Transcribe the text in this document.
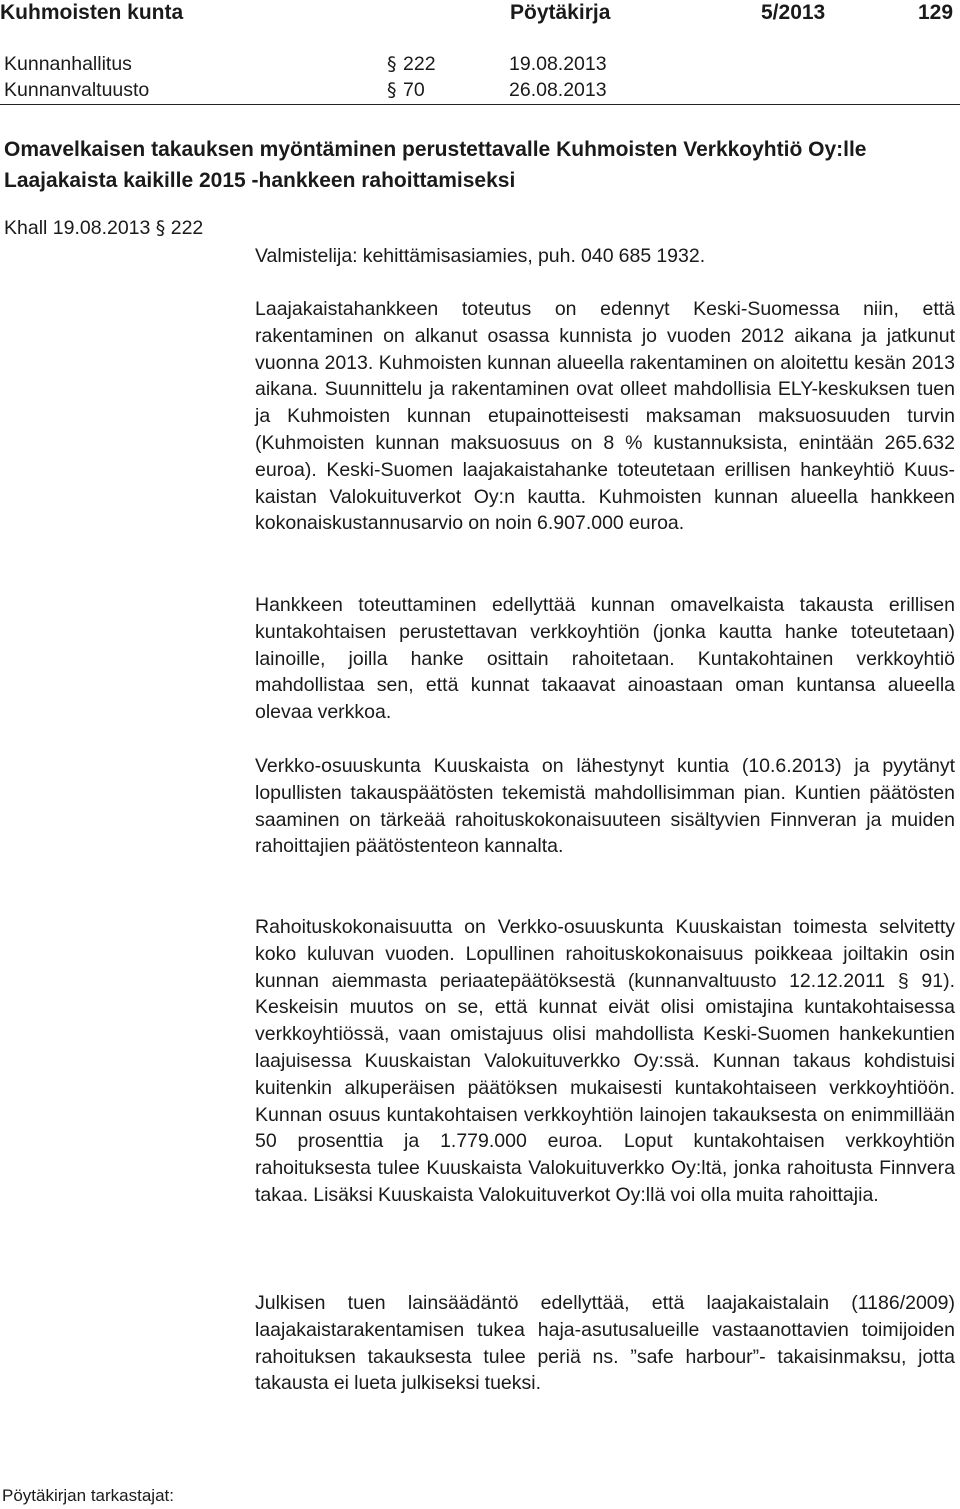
Kuhmoisten kunta	Pöytäkirja	5/2013	129
Kunnanhallitus	§ 222	19.08.2013
Kunnanvaltuusto	§ 70	26.08.2013
Omavelkaisen takauksen myöntäminen perustettavalle Kuhmoisten Verkkoyhtiö Oy:lle Laajakaista kaikille 2015 -hankkeen rahoittamiseksi
Khall 19.08.2013 § 222
Valmistelija: kehittämisasiamies, puh. 040 685 1932.
Laajakaistahankkeen toteutus on edennyt Keski-Suomessa niin, että rakentaminen on alkanut osassa kunnista jo vuoden 2012 aikana ja jatkunut vuonna 2013. Kuhmoisten kunnan alueella rakentaminen on aloitettu kesän 2013 aikana. Suunnittelu ja rakentaminen ovat olleet mahdollisia ELY-keskuksen tuen ja Kuhmoisten kunnan etupainotteisesti maksaman maksuosuuden turvin (Kuhmoisten kunnan maksuosuus on 8 % kustannuksista, enintään 265.632 euroa). Keski-Suomen laajakaistahanke toteutetaan erillisen hankeyhtiö Kuuskaistan Valokuituverkot Oy:n kautta. Kuhmoisten kunnan alueella hankkeen kokonaiskustannusarvio on noin 6.907.000 euroa.
Hankkeen toteuttaminen edellyttää kunnan omavelkaista takausta erillisen kuntakohtaisen perustettavan verkkoyhtiön (jonka kautta hanke toteutetaan) lainoille, joilla hanke osittain rahoitetaan. Kuntakohtainen verkkoyhtiö mahdollistaa sen, että kunnat takaavat ainoastaan oman kuntansa alueella olevaa verkkoa.
Verkko-osuuskunta Kuuskaista on lähestynyt kuntia (10.6.2013) ja pyytänyt lopullisten takauspäätösten tekemistä mahdollisimman pian. Kuntien päätösten saaminen on tärkeää rahoituskokonaisuuteen sisältyvien Finnveran ja muiden rahoittajien päätöstenteon kannalta.
Rahoituskokonaisuutta on Verkko-osuuskunta Kuuskaistan toimesta selvitetty koko kuluvan vuoden. Lopullinen rahoituskokonaisuus poikkeaa joiltakin osin kunnan aiemmasta periaatepäätöksestä (kunnanvaltuusto 12.12.2011 § 91). Keskeisin muutos on se, että kunnat eivät olisi omistajina kuntakohtaisessa verkkoyhtiössä, vaan omistajuus olisi mahdollista Keski-Suomen hankekuntien laajuisessa Kuuskaistan Valokuituverkko Oy:ssä. Kunnan takaus kohdistuisi kuitenkin alkuperäisen päätöksen mukaisesti kuntakohtaiseen verkkoyhtiöön. Kunnan osuus kuntakohtaisen verkkoyhtiön lainojen takauksesta on enimmillään 50 prosenttia ja 1.779.000 euroa. Loput kuntakohtaisen verkkoyhtiön rahoituksesta tulee Kuuskaista Valokuituverkko Oy:ltä, jonka rahoitusta Finnvera takaa. Lisäksi Kuuskaista Valokuituverkot Oy:llä voi olla muita rahoittajia.
Julkisen tuen lainsäädäntö edellyttää, että laajakaistalain (1186/2009) laajakaistarakentamisen tukea haja-asutusalueille vastaanottavien toimijoiden rahoituksen takauksesta tulee periä ns. ”safe harbour”- takaisinmaksu, jotta takausta ei lueta julkiseksi tueksi.
Pöytäkirjan tarkastajat:
